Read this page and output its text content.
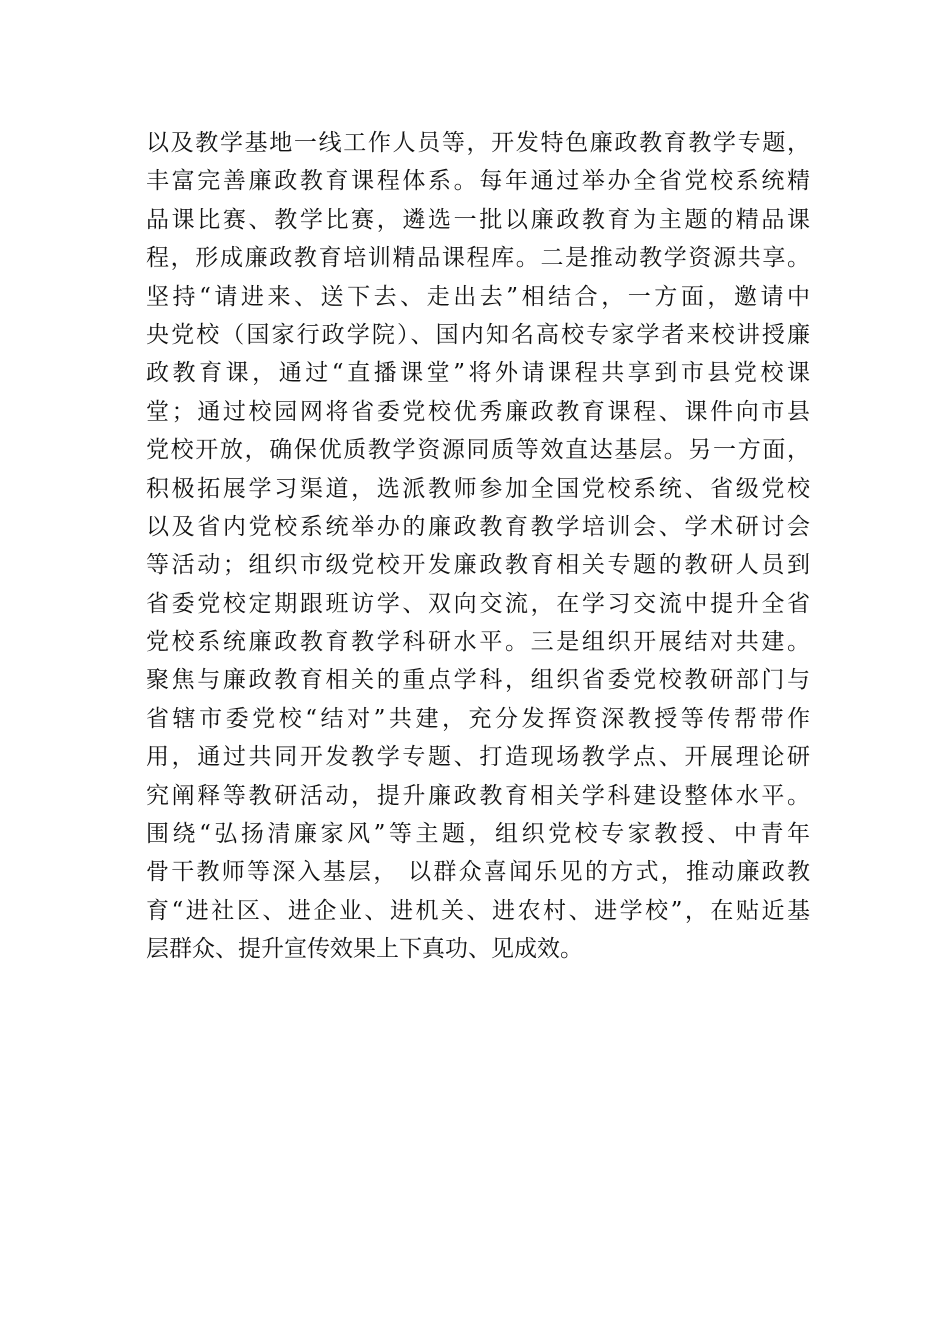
以及教学基地一线工作人员等，开发特色廉政教育教学专题，
丰富完善廉政教育课程体系。每年通过举办全省党校系统精
品课比赛、教学比赛，遴选一批以廉政教育为主题的精品课
程，形成廉政教育培训精品课程库。二是推动教学资源共享。
坚持“请进来、送下去、走出去”相结合，一方面，邀请中
央党校（国家行政学院）、国内知名高校专家学者来校讲授廉
政教育课，通过“直播课堂”将外请课程共享到市县党校课
堂；通过校园网将省委党校优秀廉政教育课程、课件向市县
党校开放，确保优质教学资源同质等效直达基层。另一方面，
积极拓展学习渠道，选派教师参加全国党校系统、省级党校
以及省内党校系统举办的廉政教育教学培训会、学术研讨会
等活动；组织市级党校开发廉政教育相关专题的教研人员到
省委党校定期跟班访学、双向交流，在学习交流中提升全省
党校系统廉政教育教学科研水平。三是组织开展结对共建。
聚焦与廉政教育相关的重点学科，组织省委党校教研部门与
省辖市委党校“结对”共建，充分发挥资深教授等传帮带作
用，通过共同开发教学专题、打造现场教学点、开展理论研
究阐释等教研活动，提升廉政教育相关学科建设整体水平。
围绕“弘扬清廉家风”等主题，组织党校专家教授、中青年
骨干教师等深入基层， 以群众喜闻乐见的方式，推动廉政教
育“进社区、进企业、进机关、进农村、进学校”，在贴近基
层群众、提升宣传效果上下真功、见成效。
